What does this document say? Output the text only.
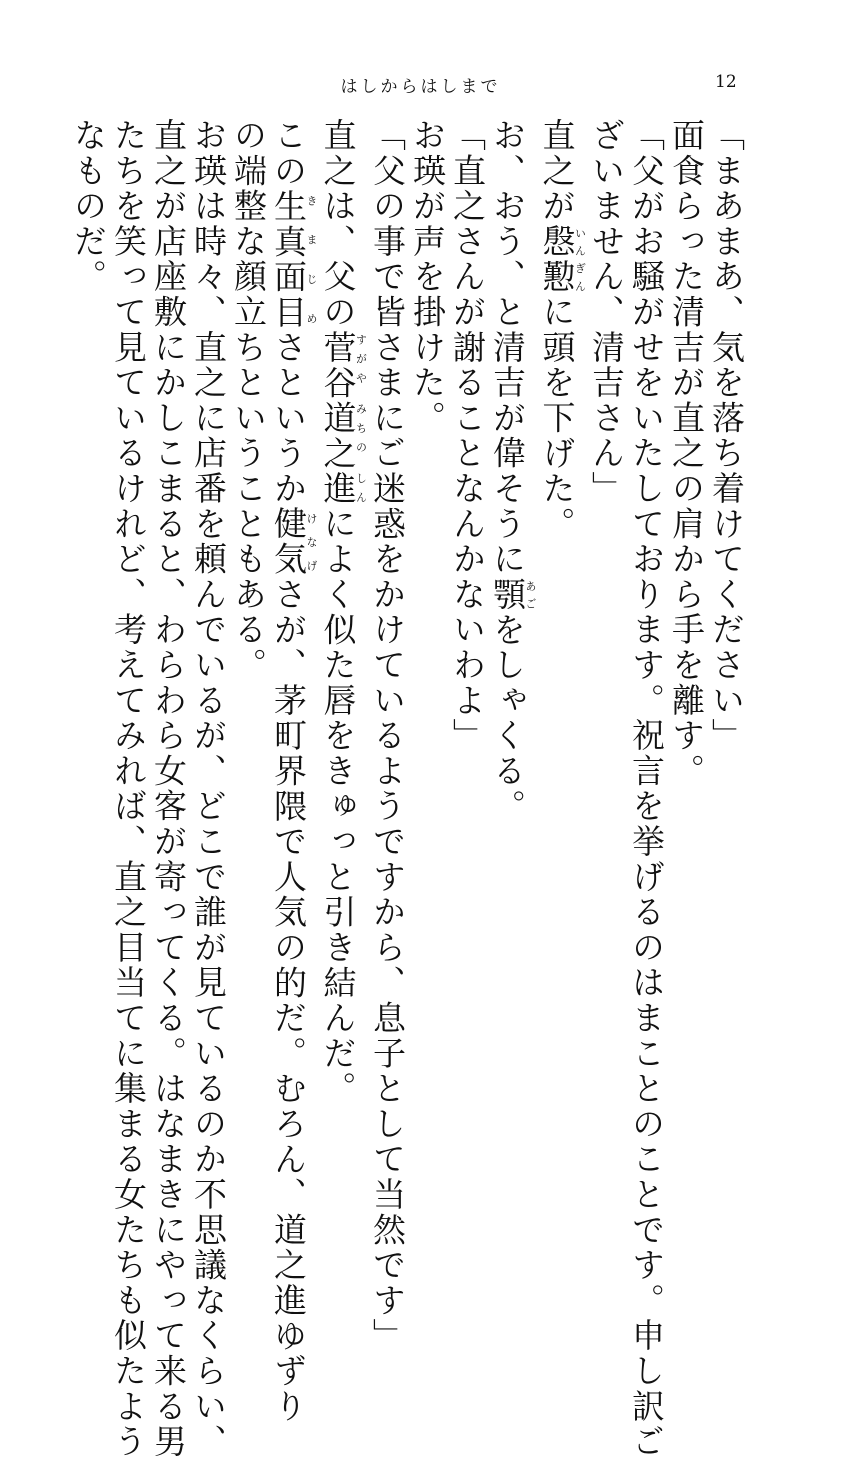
はしからはしまで	12
「まあまあ、気を落ち着けてください」
面食らった清吉が直之の肩から手を離す。
「父がお騒がせをいたしております。祝言を挙げるのはまことのことです。申し訳ご
ざいません、清吉さん」
直之が慇懃いんぎんに頭を下げた。
お、おう、と清吉が偉そうに顎あごをしゃくる。
「直之さんが謝ることなんかないわよ」
お瑛が声を掛けた。
「父の事で皆さまにご迷惑をかけているようですから、息子として当然です」
直之は、父の菅谷道之進すがや みちの しんによく似た唇をきゅっと引き結んだ。
この生真面目き ま じ めさというか健気けなげさが、茅町界隈で人気の的だ。むろん、道之進ゆずり
の端整な顔立ちということもある。
お瑛は時々、直之に店番を頼んでいるが、どこで誰が見ているのか不思議なくらい、
直之が店座敷にかしこまると、わらわら女客が寄ってくる。はなまきにやって来る男
たちを笑って見ているけれど、考えてみれば、直之目当てに集まる女たちも似たよう
なものだ。
